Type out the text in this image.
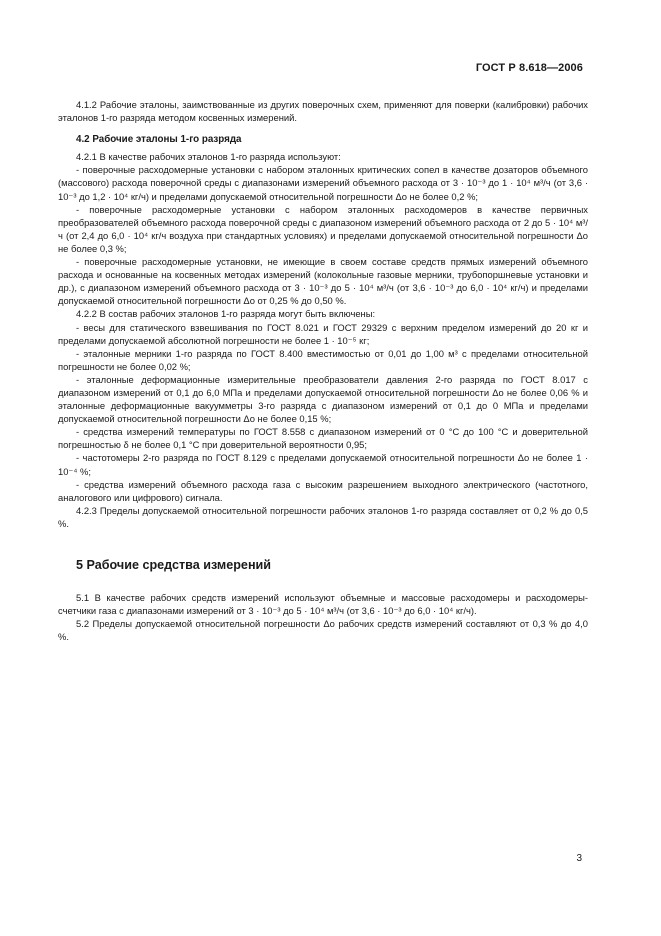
ГОСТ Р 8.618—2006

4.1.2 Рабочие эталоны, заимствованные из других поверочных схем, применяют для поверки (калибровки) рабочих эталонов 1-го разряда методом косвенных измерений.

4.2 Рабочие эталоны 1-го разряда

4.2.1 В качестве рабочих эталонов 1-го разряда используют:

- поверочные расходомерные установки с набором эталонных критических сопел в качестве дозаторов объемного (массового) расхода поверочной среды с диапазонами измерений объемного расхода от 3 · 10⁻³ до 1 · 10⁴ м³/ч (от 3,6 · 10⁻³ до 1,2 · 10⁴ кг/ч) и пределами допускаемой относительной погрешности Δо не более 0,2 %;

- поверочные расходомерные установки с набором эталонных расходомеров в качестве первичных преобразователей объемного расхода поверочной среды с диапазоном измерений объемного расхода от 2 до 5 · 10⁴ м³/ч (от 2,4 до 6,0 · 10⁴ кг/ч воздуха при стандартных условиях) и пределами допускаемой относительной погрешности Δо не более 0,3 %;

- поверочные расходомерные установки, не имеющие в своем составе средств прямых измерений объемного расхода и основанные на косвенных методах измерений (колокольные газовые мерники, трубопоршневые установки и др.), с диапазоном измерений объемного расхода от 3 · 10⁻³ до 5 · 10⁴ м³/ч (от 3,6 · 10⁻³ до 6,0 · 10⁴ кг/ч) и пределами допускаемой относительной погрешности Δо от 0,25 % до 0,50 %.

4.2.2 В состав рабочих эталонов 1-го разряда могут быть включены:

- весы для статического взвешивания по ГОСТ 8.021 и ГОСТ 29329 с верхним пределом измерений до 20 кг и пределами допускаемой абсолютной погрешности не более 1 · 10⁻⁵ кг;

- эталонные мерники 1-го разряда по ГОСТ 8.400 вместимостью от 0,01 до 1,00 м³ с пределами относительной погрешности не более 0,02 %;

- эталонные деформационные измерительные преобразователи давления 2-го разряда по ГОСТ 8.017 с диапазоном измерений от 0,1 до 6,0 МПа и пределами допускаемой относительной погрешности Δо не более 0,06 % и эталонные деформационные вакуумметры 3-го разряда с диапазоном измерений от 0,1 до 0 МПа и пределами допускаемой относительной погрешности Δо не более 0,15 %;

- средства измерений температуры по ГОСТ 8.558 с диапазоном измерений от 0 °С до 100 °С и доверительной погрешностью δ не более 0,1 °С при доверительной вероятности 0,95;

- частотомеры 2-го разряда по ГОСТ 8.129 с пределами допускаемой относительной погрешности Δо не более 1 · 10⁻⁴ %;

- средства измерений объемного расхода газа с высоким разрешением выходного электрического (частотного, аналогового или цифрового) сигнала.

4.2.3 Пределы допускаемой относительной погрешности рабочих эталонов 1-го разряда составляет от 0,2 % до 0,5 %.

5 Рабочие средства измерений

5.1 В качестве рабочих средств измерений используют объемные и массовые расходомеры и расходомеры-счетчики газа с диапазонами измерений от 3 · 10⁻³ до 5 · 10⁴ м³/ч (от 3,6 · 10⁻³ до 6,0 · 10⁴ кг/ч).

5.2 Пределы допускаемой относительной погрешности Δо рабочих средств измерений составляют от 0,3 % до 4,0 %.

3
